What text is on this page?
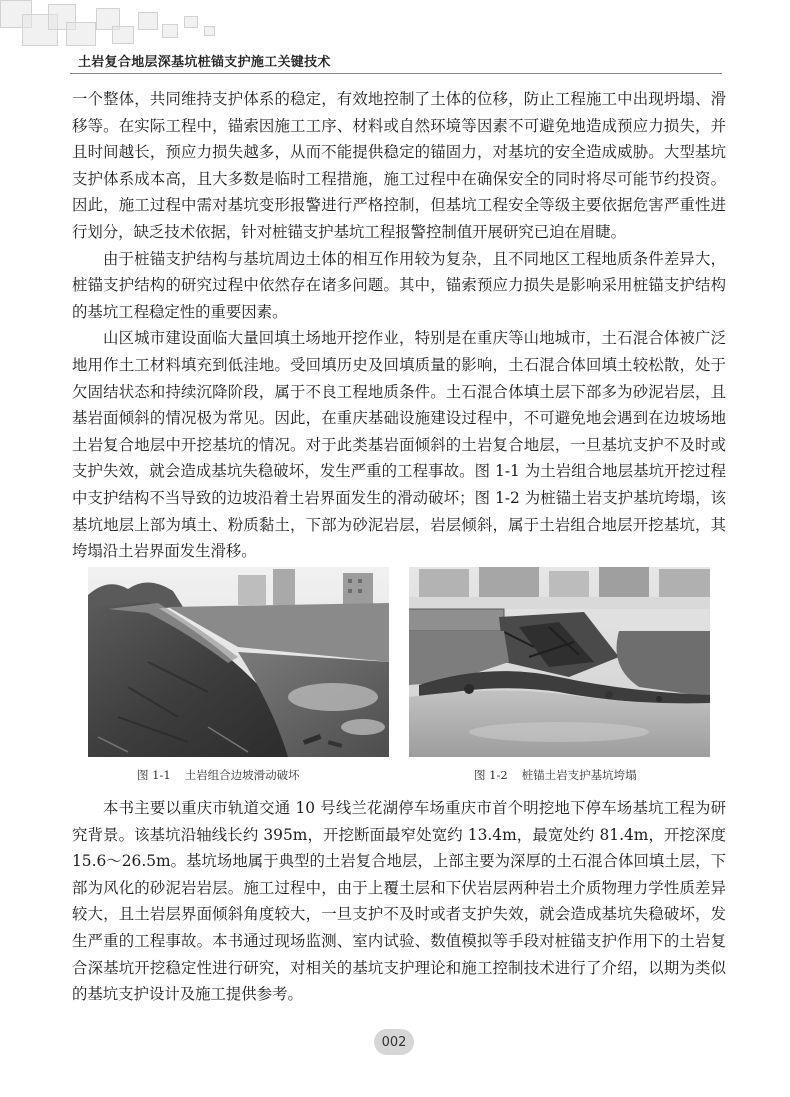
土岩复合地层深基坑桩锚支护施工关键技术

一个整体，共同维持支护体系的稳定，有效地控制了土体的位移，防止工程施工中出现坍塌、滑移等。在实际工程中，锚索因施工工序、材料或自然环境等因素不可避免地造成预应力损失，并且时间越长，预应力损失越多，从而不能提供稳定的锚固力，对基坑的安全造成威胁。大型基坑支护体系成本高，且大多数是临时工程措施，施工过程中在确保安全的同时将尽可能节约投资。因此，施工过程中需对基坑变形报警进行严格控制，但基坑工程安全等级主要依据危害严重性进行划分，缺乏技术依据，针对桩锚支护基坑工程报警控制值开展研究已迫在眉睫。

由于桩锚支护结构与基坑周边土体的相互作用较为复杂，且不同地区工程地质条件差异大，桩锚支护结构的研究过程中依然存在诸多问题。其中，锚索预应力损失是影响采用桩锚支护结构的基坑工程稳定性的重要因素。

山区城市建设面临大量回填土场地开挖作业，特别是在重庆等山地城市，土石混合体被广泛地用作土工材料填充到低洼地。受回填历史及回填质量的影响，土石混合体回填土较松散，处于欠固结状态和持续沉降阶段，属于不良工程地质条件。土石混合体填土层下部多为砂泥岩层，且基岩面倾斜的情况极为常见。因此，在重庆基础设施建设过程中，不可避免地会遇到在边坡场地土岩复合地层中开挖基坑的情况。对于此类基岩面倾斜的土岩复合地层，一旦基坑支护不及时或支护失效，就会造成基坑失稳破坏，发生严重的工程事故。图 1-1 为土岩组合地层基坑开挖过程中支护结构不当导致的边坡沿着土岩界面发生的滑动破坏；图 1-2 为桩锚土岩支护基坑垮塌，该基坑地层上部为填土、粉质黏土，下部为砂泥岩层，岩层倾斜，属于土岩组合地层开挖基坑，其垮塌沿土岩界面发生滑移。

图 1-1 土岩组合边坡滑动破坏	图 1-2 桩锚土岩支护基坑垮塌

本书主要以重庆市轨道交通 10 号线兰花湖停车场重庆市首个明挖地下停车场基坑工程为研究背景。该基坑沿轴线长约 395m，开挖断面最窄处宽约 13.4m，最宽处约 81.4m，开挖深度 15.6～26.5m。基坑场地属于典型的土岩复合地层，上部主要为深厚的土石混合体回填土层，下部为风化的砂泥岩岩层。施工过程中，由于上覆土层和下伏岩层两种岩土介质物理力学性质差异较大，且土岩层界面倾斜角度较大，一旦支护不及时或者支护失效，就会造成基坑失稳破坏，发生严重的工程事故。本书通过现场监测、室内试验、数值模拟等手段对桩锚支护作用下的土岩复合深基坑开挖稳定性进行研究，对相关的基坑支护理论和施工控制技术进行了介绍，以期为类似的基坑支护设计及施工提供参考。

002
